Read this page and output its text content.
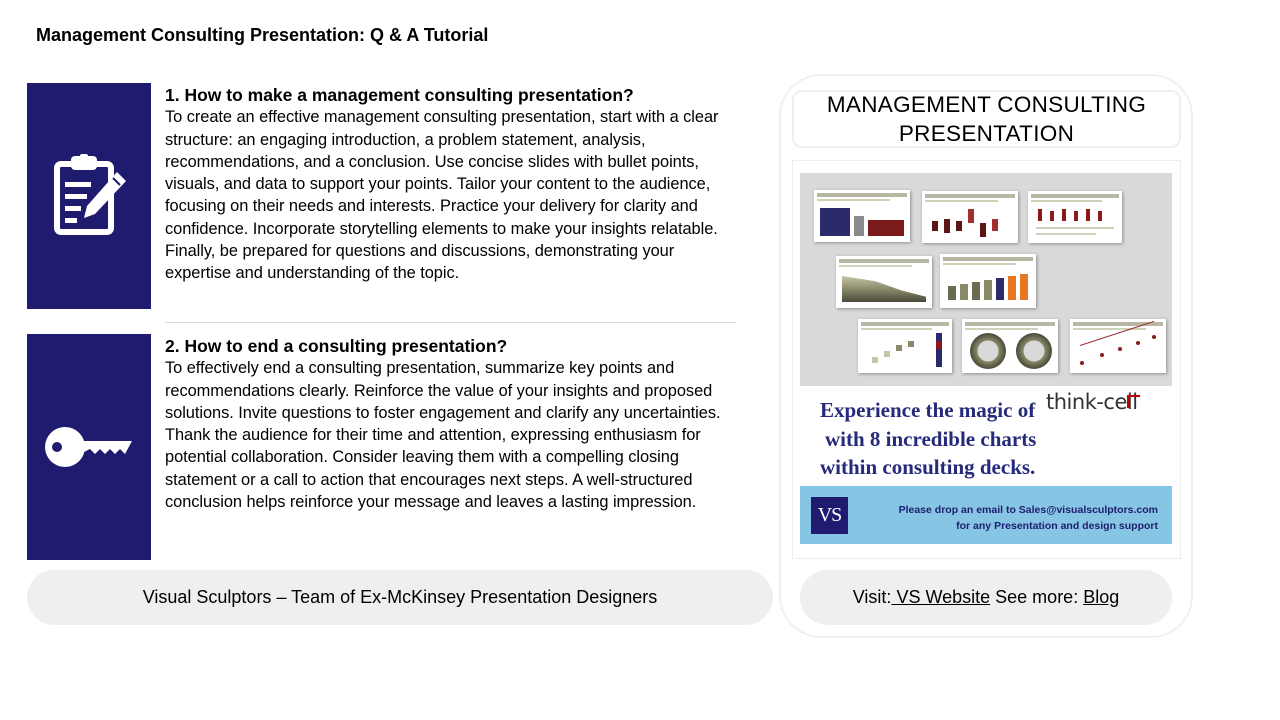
Management Consulting Presentation: Q & A Tutorial
1. How to make a management consulting presentation?
To create an effective management consulting presentation, start with a clear structure: an engaging introduction, a problem statement, analysis, recommendations, and a conclusion. Use concise slides with bullet points, visuals, and data to support your points. Tailor your content to the audience, focusing on their needs and interests. Practice your delivery for clarity and confidence. Incorporate storytelling elements to make your insights relatable. Finally, be prepared for questions and discussions, demonstrating your expertise and understanding of the topic.
2. How to end a consulting presentation?
To effectively end a consulting presentation, summarize key points and recommendations clearly. Reinforce the value of your insights and proposed solutions. Invite questions to foster engagement and clarify any uncertainties. Thank the audience for their time and attention, expressing enthusiasm for potential collaboration. Consider leaving them with a compelling closing statement or a call to action that encourages next steps. A well-structured conclusion helps reinforce your message and leaves a lasting impression.
Visual Sculptors – Team of Ex-McKinsey Presentation Designers
MANAGEMENT CONSULTING PRESENTATION
Experience the magic of
with 8 incredible charts
within consulting decks.
think-cell
VS	Please drop an email to Sales@visualsculptors.com
for any Presentation and design support
Visit: VS Website See more: Blog
